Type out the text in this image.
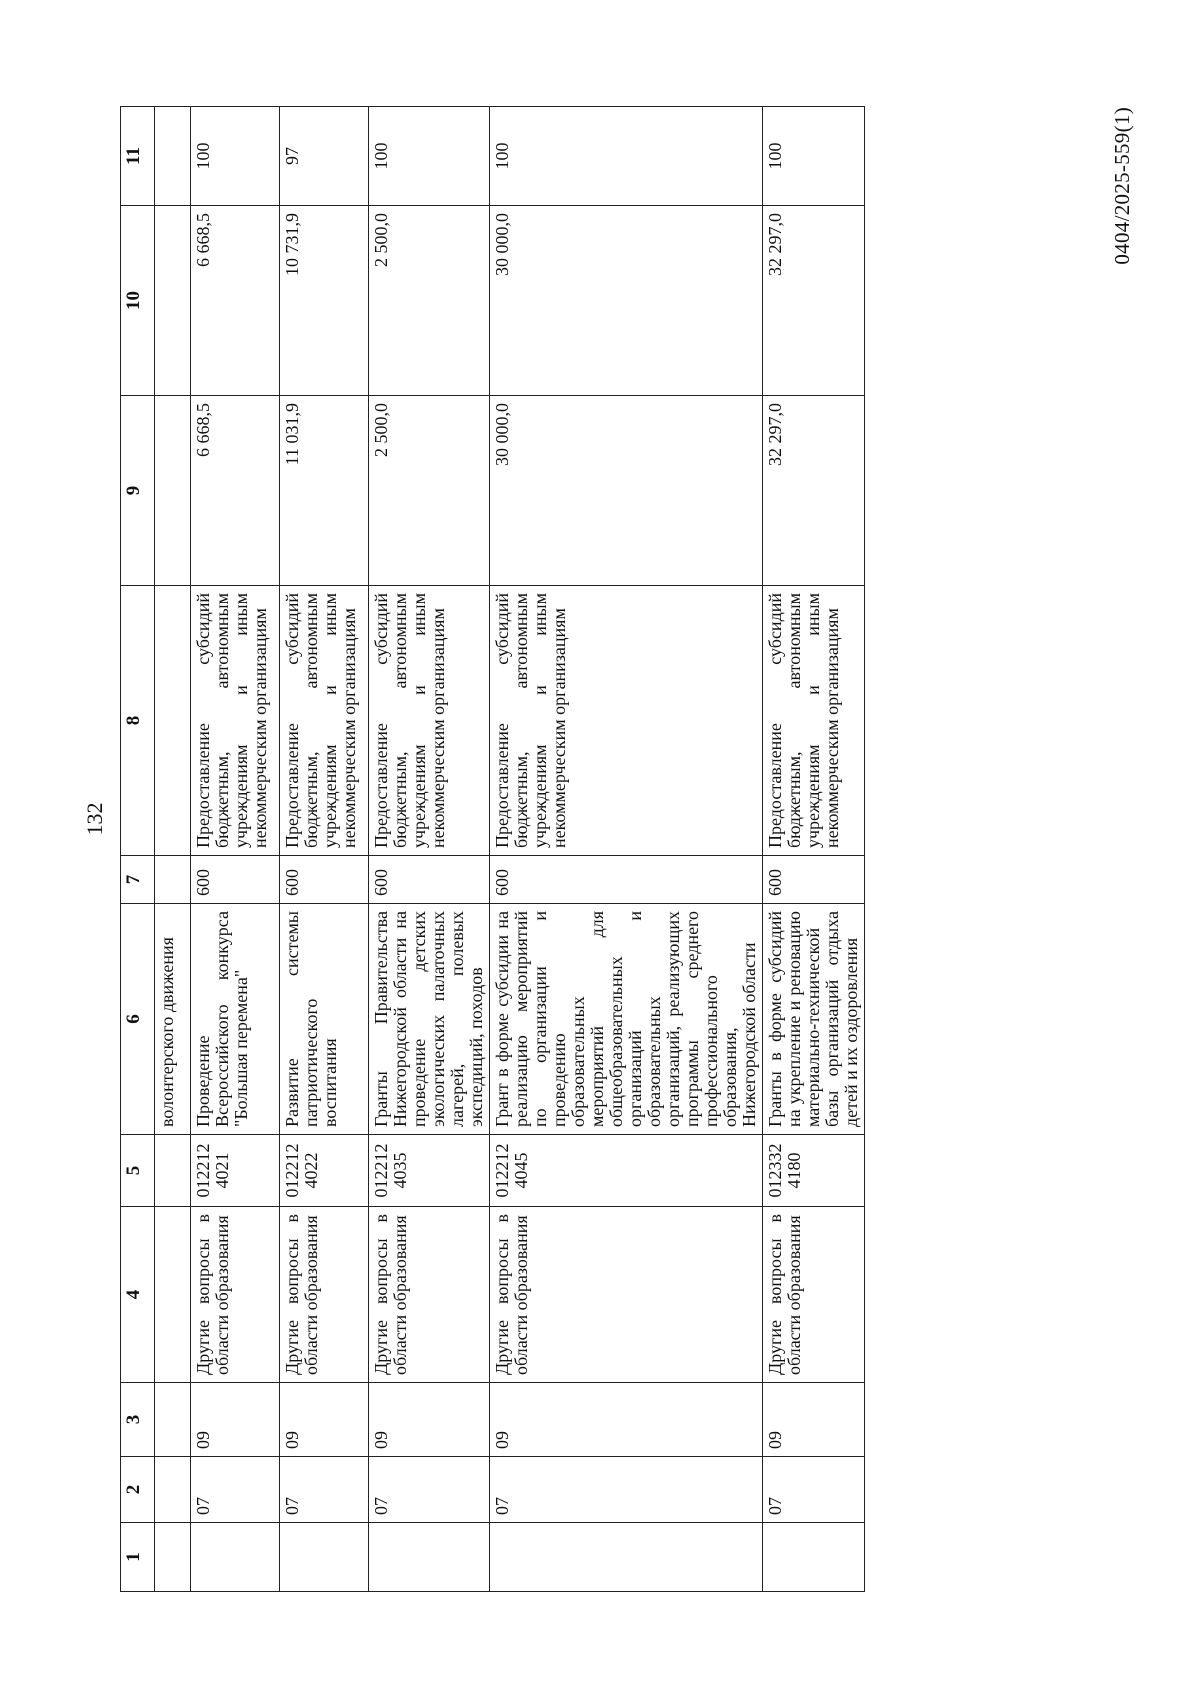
132
1	2	3	4	5	6	7	8	9	10	11
					волонтерского движения					
	07	09	Другие вопросы в области образования	012212 4021	Проведение Всероссийского конкурса "Большая перемена"	600	Предоставление субсидий бюджетным, автономным учреждениям и иным некоммерческим организациям	6 668,5	6 668,5	100
	07	09	Другие вопросы в области образования	012212 4022	Развитие системы патриотического воспитания	600	Предоставление субсидий бюджетным, автономным учреждениям и иным некоммерческим организациям	11 031,9	10 731,9	97
	07	09	Другие вопросы в области образования	012212 4035	Гранты Правительства Нижегородской области на проведение детских экологических палаточных лагерей, полевых экспедиций, походов	600	Предоставление субсидий бюджетным, автономным учреждениям и иным некоммерческим организациям	2 500,0	2 500,0	100
	07	09	Другие вопросы в области образования	012212 4045	Грант в форме субсидии на реализацию мероприятий по организации и проведению образовательных мероприятий для общеобразовательных организаций и образовательных организаций, реализующих программы среднего профессионального образования, Нижегородской области	600	Предоставление субсидий бюджетным, автономным учреждениям и иным некоммерческим организациям	30 000,0	30 000,0	100
	07	09	Другие вопросы в области образования	012332 4180	Гранты в форме субсидий на укрепление и реновацию материально-технической базы организаций отдыха детей и их оздоровления	600	Предоставление субсидий бюджетным, автономным учреждениям и иным некоммерческим организациям	32 297,0	32 297,0	100	0404/2025-559(1)
